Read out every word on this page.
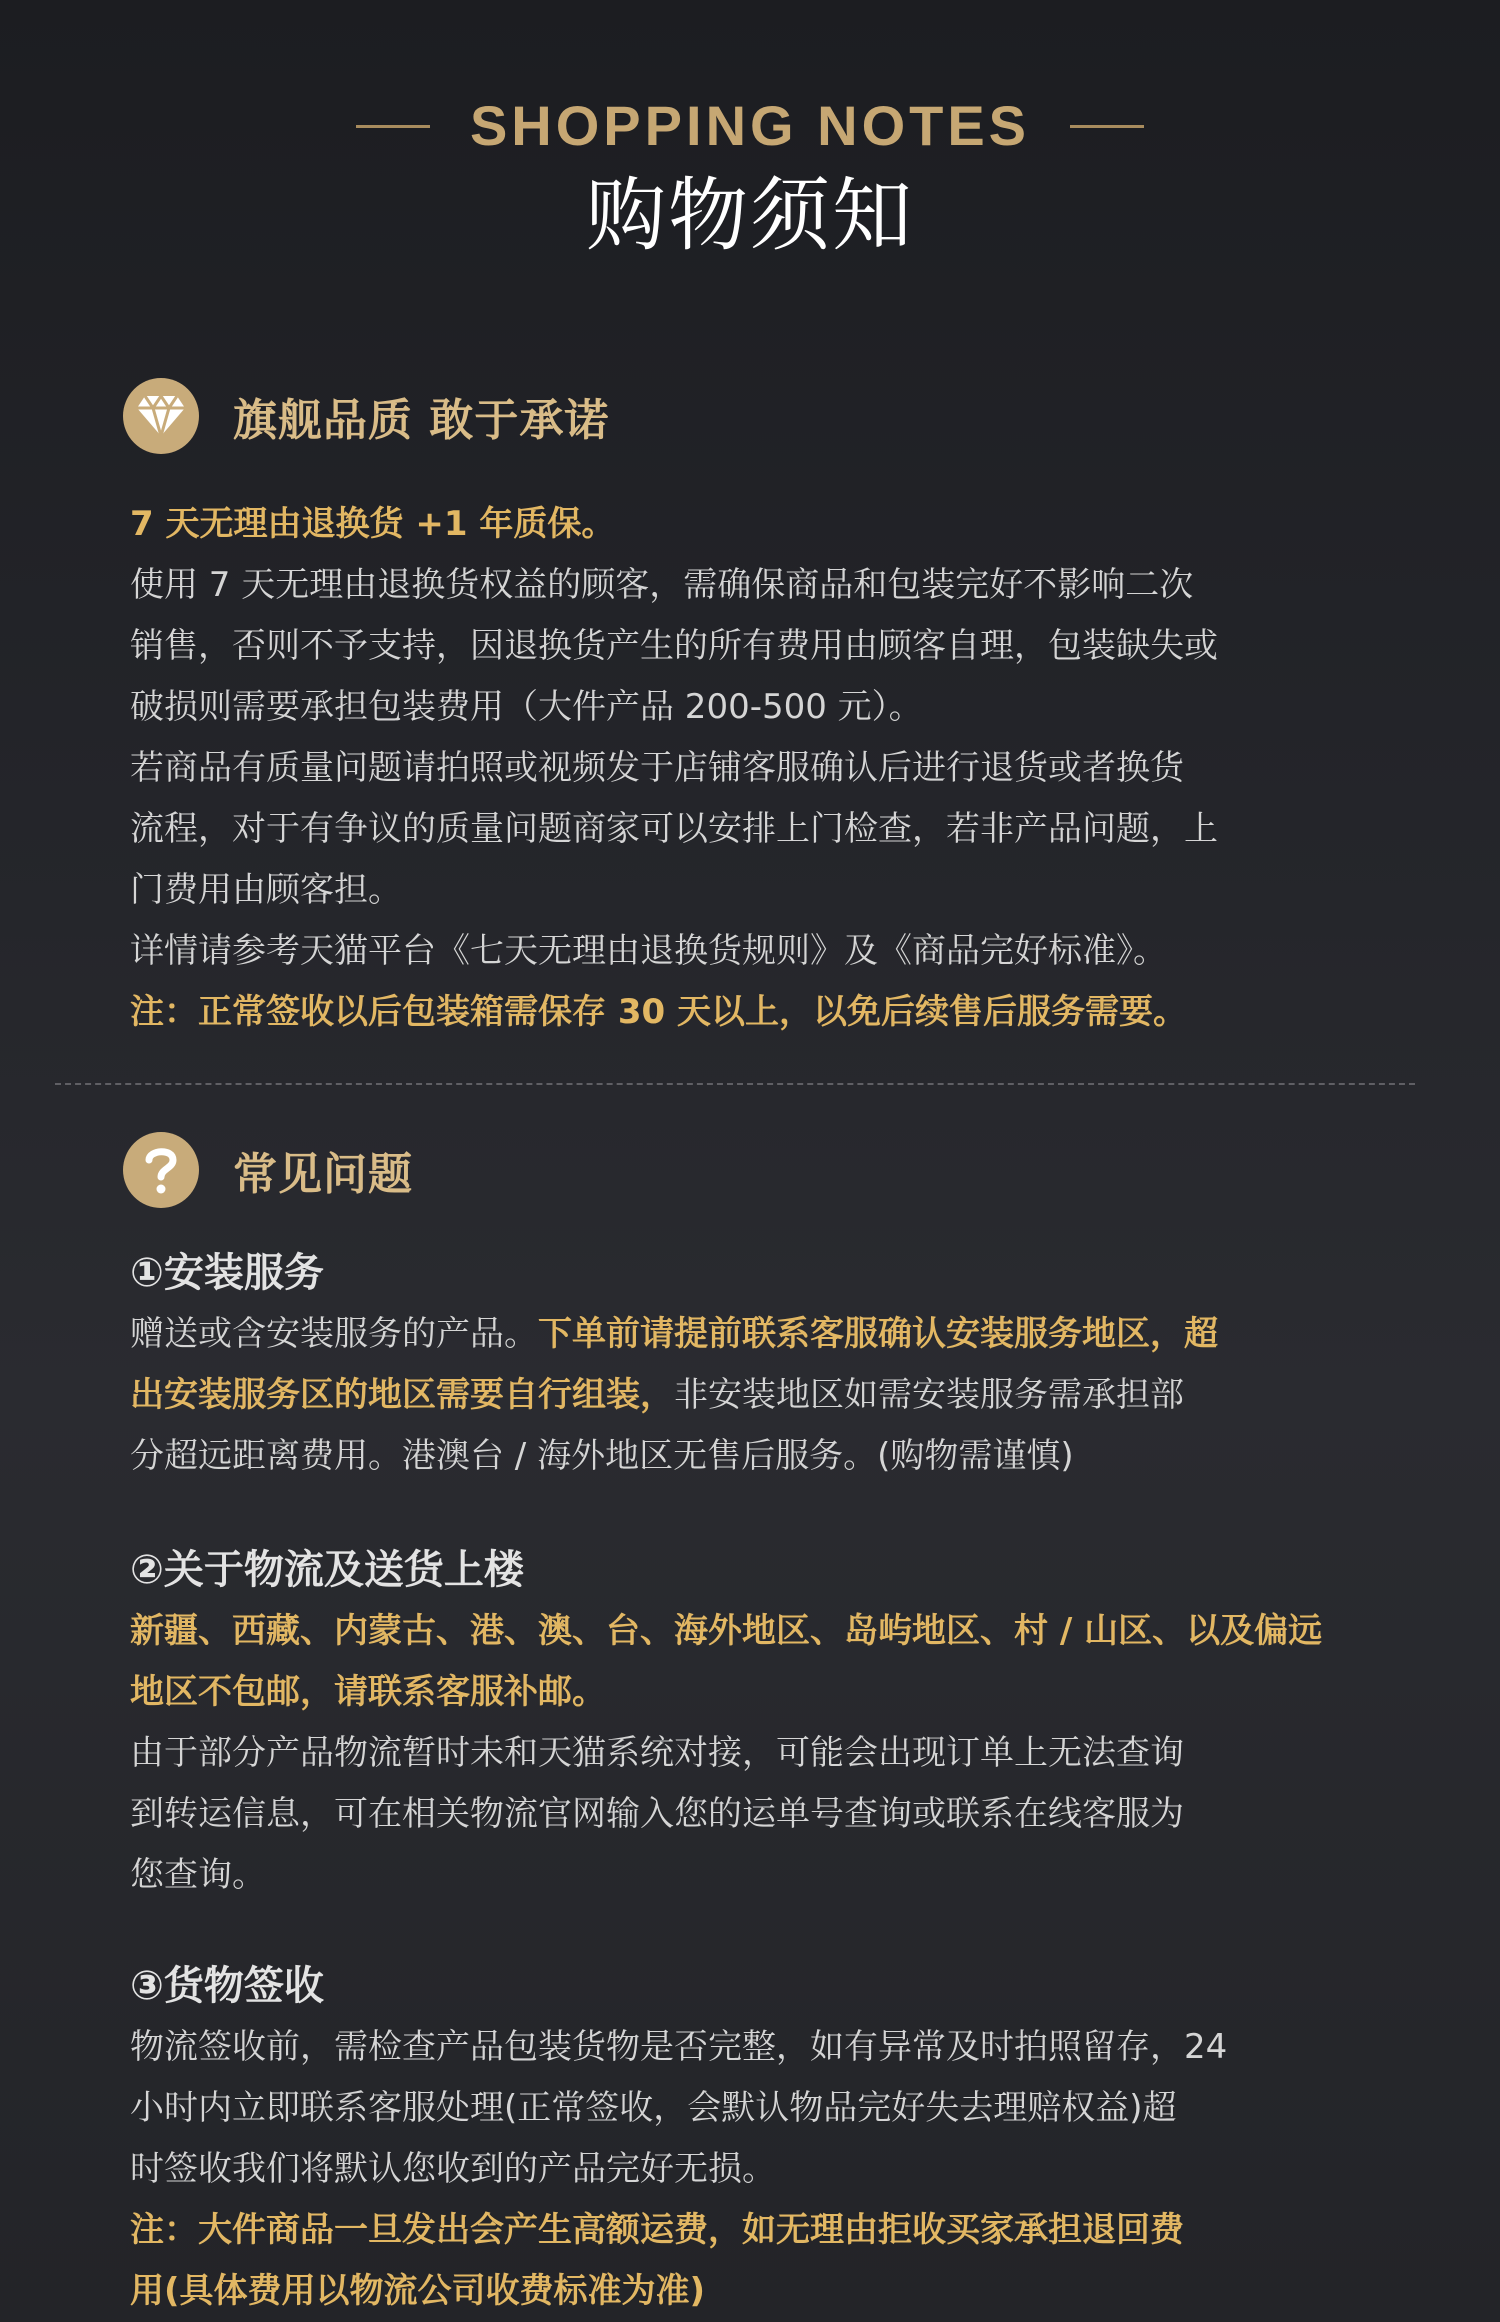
SHOPPING NOTES
购物须知
旗舰品质 敢于承诺
7 天无理由退换货 +1 年质保。
使用 7 天无理由退换货权益的顾客，需确保商品和包装完好不影响二次
销售，否则不予支持，因退换货产生的所有费用由顾客自理，包装缺失或
破损则需要承担包装费用（大件产品 200-500 元）。
若商品有质量问题请拍照或视频发于店铺客服确认后进行退货或者换货
流程，对于有争议的质量问题商家可以安排上门检查，若非产品问题，上
门费用由顾客担。
详情请参考天猫平台《七天无理由退换货规则》及《商品完好标准》。
注：正常签收以后包装箱需保存 30 天以上，以免后续售后服务需要。
常见问题
①安装服务
赠送或含安装服务的产品。下单前请提前联系客服确认安装服务地区，超
出安装服务区的地区需要自行组装，非安装地区如需安装服务需承担部
分超远距离费用。港澳台 / 海外地区无售后服务。(购物需谨慎)
②关于物流及送货上楼
新疆、西藏、内蒙古、港、澳、台、海外地区、岛屿地区、村 / 山区、以及偏远
地区不包邮，请联系客服补邮。
由于部分产品物流暂时未和天猫系统对接，可能会出现订单上无法查询
到转运信息，可在相关物流官网输入您的运单号查询或联系在线客服为
您查询。
③货物签收
物流签收前，需检查产品包装货物是否完整，如有异常及时拍照留存，24
小时内立即联系客服处理(正常签收，会默认物品完好失去理赔权益)超
时签收我们将默认您收到的产品完好无损。
注：大件商品一旦发出会产生高额运费，如无理由拒收买家承担退回费
用(具体费用以物流公司收费标准为准)
